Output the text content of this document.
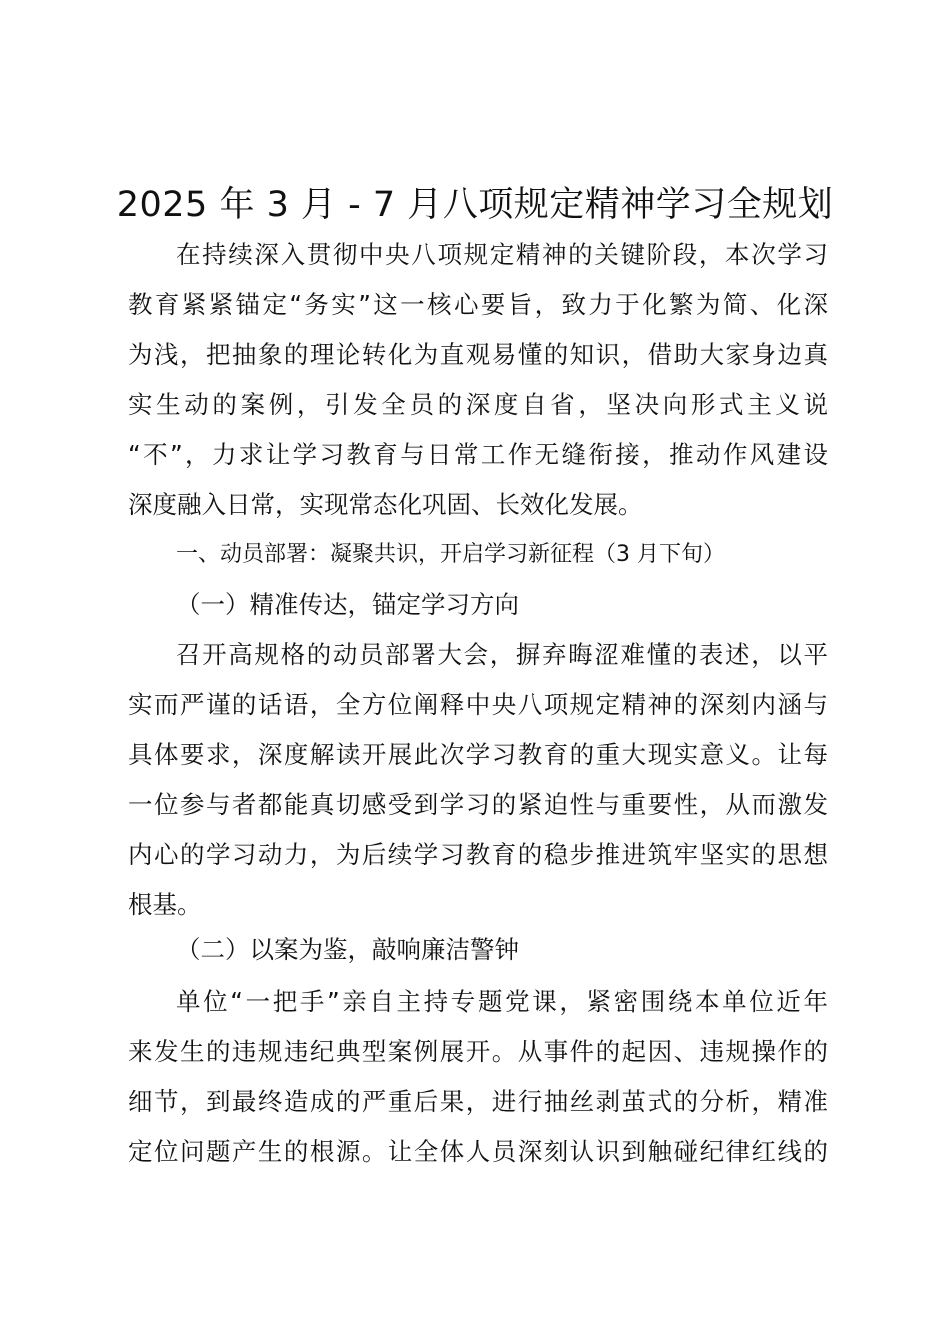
2025 年 3 月 - 7 月八项规定精神学习全规划
在持续深入贯彻中央八项规定精神的关键阶段，本次学习
教育紧紧锚定“务实”这一核心要旨，致力于化繁为简、化深
为浅，把抽象的理论转化为直观易懂的知识，借助大家身边真
实生动的案例，引发全员的深度自省，坚决向形式主义说
“不”，力求让学习教育与日常工作无缝衔接，推动作风建设
深度融入日常，实现常态化巩固、长效化发展。
一、动员部署：凝聚共识，开启学习新征程（3 月下旬）
（一）精准传达，锚定学习方向
召开高规格的动员部署大会，摒弃晦涩难懂的表述，以平
实而严谨的话语，全方位阐释中央八项规定精神的深刻内涵与
具体要求，深度解读开展此次学习教育的重大现实意义。让每
一位参与者都能真切感受到学习的紧迫性与重要性，从而激发
内心的学习动力，为后续学习教育的稳步推进筑牢坚实的思想
根基。
（二）以案为鉴，敲响廉洁警钟
单位“一把手”亲自主持专题党课，紧密围绕本单位近年
来发生的违规违纪典型案例展开。从事件的起因、违规操作的
细节，到最终造成的严重后果，进行抽丝剥茧式的分析，精准
定位问题产生的根源。让全体人员深刻认识到触碰纪律红线的
